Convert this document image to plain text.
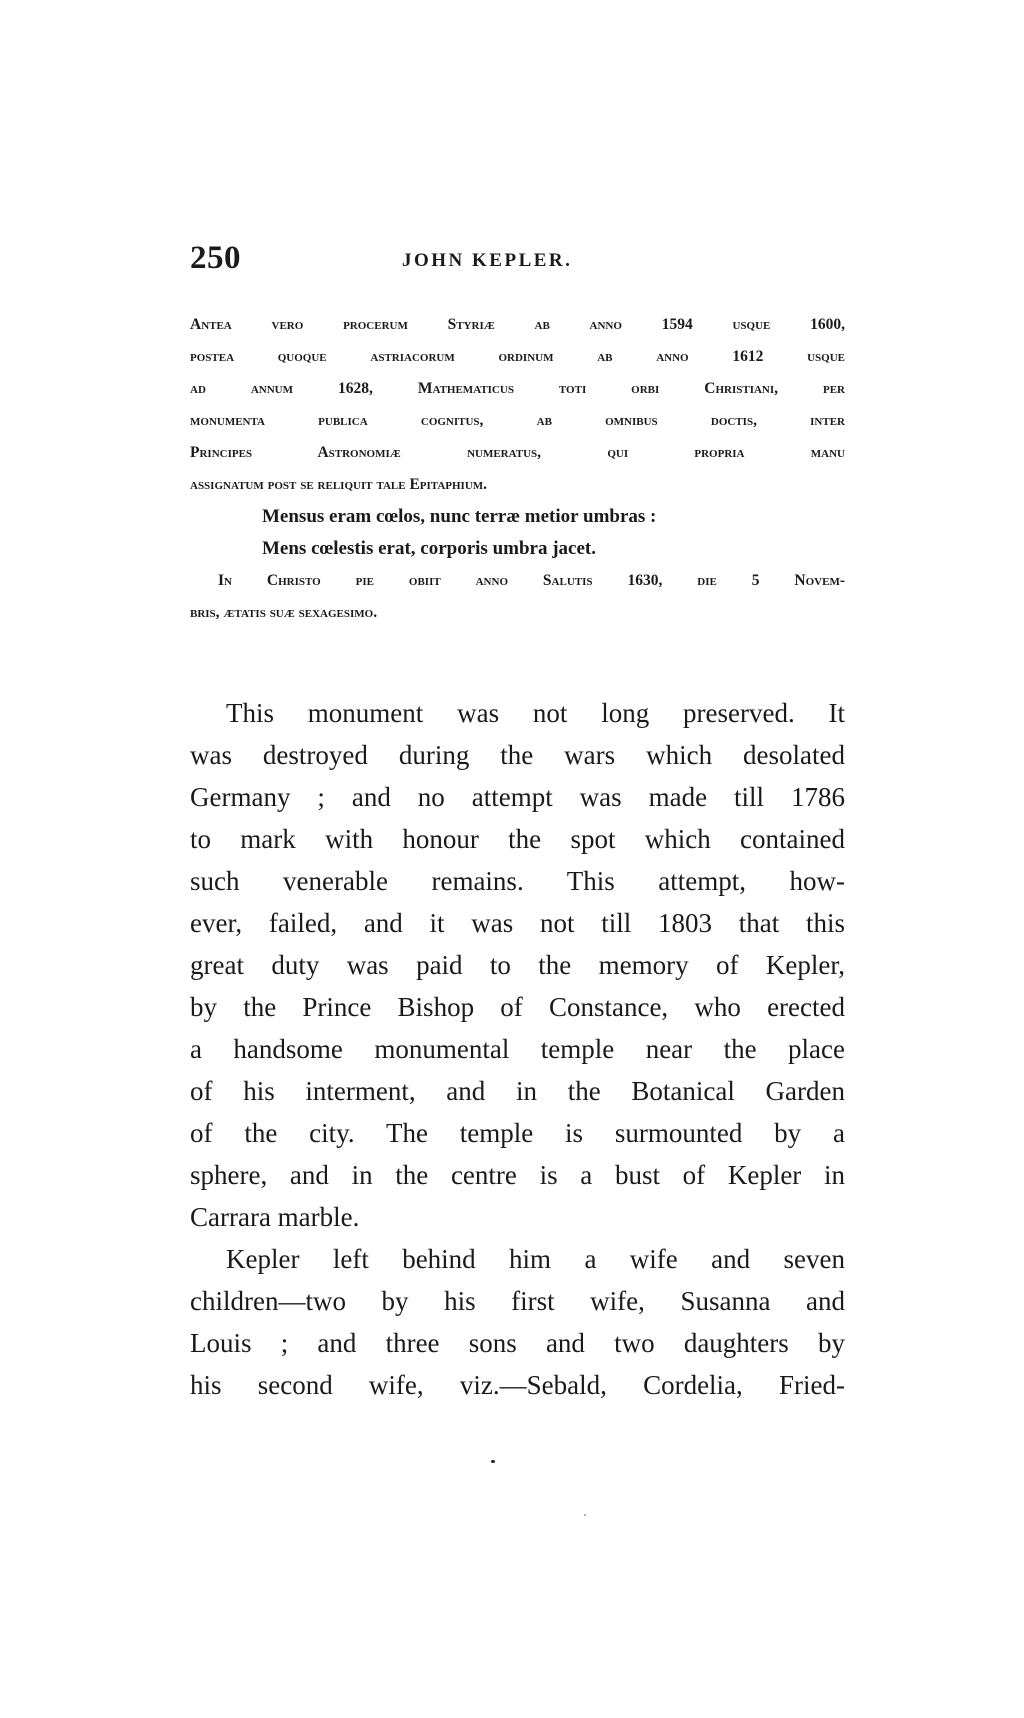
250	JOHN KEPLER.
Antea vero procerum Styriæ ab anno 1594 usque 1600,
postea quoque astriacorum ordinum ab anno 1612 usque
ad annum 1628, Mathematicus toti orbi Christiani, per
monumenta publica cognitus, ab omnibus doctis, inter
Principes Astronomiæ numeratus, qui propria manu
assignatum post se reliquit tale Epitaphium.
Mensus eram cœlos, nunc terræ metior umbras :
Mens cœlestis erat, corporis umbra jacet.
In Christo pie obiit anno Salutis 1630, die 5 Novem-
bris, ætatis suæ sexagesimo.
This monument was not long preserved. It
was destroyed during the wars which desolated
Germany ; and no attempt was made till 1786
to mark with honour the spot which contained
such venerable remains. This attempt, how-
ever, failed, and it was not till 1803 that this
great duty was paid to the memory of Kepler,
by the Prince Bishop of Constance, who erected
a handsome monumental temple near the place
of his interment, and in the Botanical Garden
of the city. The temple is surmounted by a
sphere, and in the centre is a bust of Kepler in
Carrara marble.
Kepler left behind him a wife and seven
children—two by his first wife, Susanna and
Louis ; and three sons and two daughters by
his second wife, viz.—Sebald, Cordelia, Fried-
